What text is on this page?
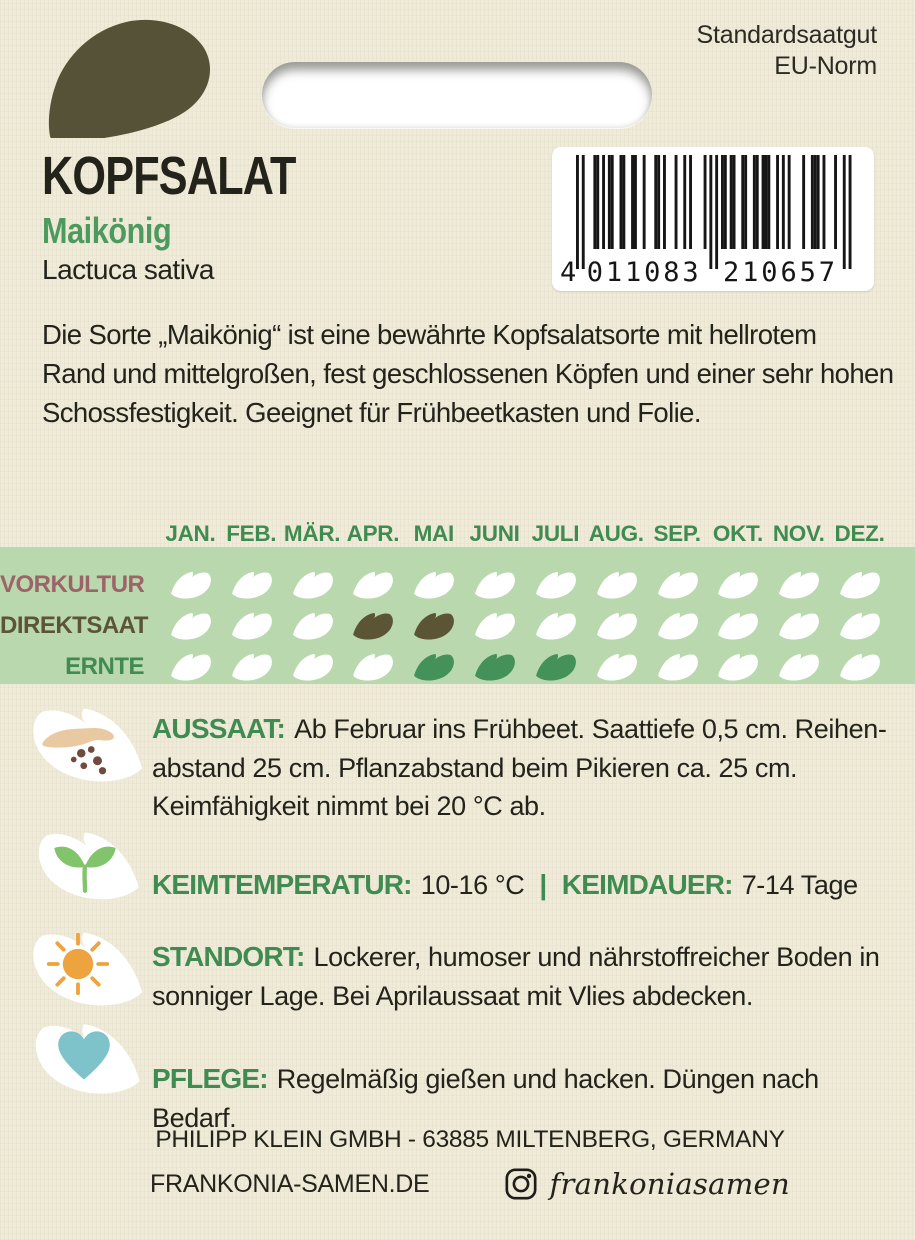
Standardsaatgut
EU-Norm
4 011083 210657
KOPFSALAT
Maikönig
Lactuca sativa
Die Sorte „Maikönig“ ist eine bewährte Kopfsalatsorte mit hellrotem
Rand und mittelgroßen, fest geschlossenen Köpfen und einer sehr hohen
Schossfestigkeit. Geeignet für Frühbeetkasten und Folie.
JAN. FEB. MÄR. APR. MAI JUNI JULI AUG. SEP. OKT. NOV. DEZ.
VORKULTUR
DIREKTSAAT
ERNTE
AUSSAAT: Ab Februar ins Frühbeet. Saattiefe 0,5 cm. Reihen-
abstand 25 cm. Pflanzabstand beim Pikieren ca. 25 cm.
Keimfähigkeit nimmt bei 20 °C ab.
KEIMTEMPERATUR: 10-16 °C | KEIMDAUER: 7-14 Tage
STANDORT: Lockerer, humoser und nährstoffreicher Boden in
sonniger Lage. Bei Aprilaussaat mit Vlies abdecken.
PFLEGE: Regelmäßig gießen und hacken. Düngen nach Bedarf.
PHILIPP KLEIN GMBH - 63885 MILTENBERG, GERMANY
FRANKONIA-SAMEN.DE	frankoniasamen
